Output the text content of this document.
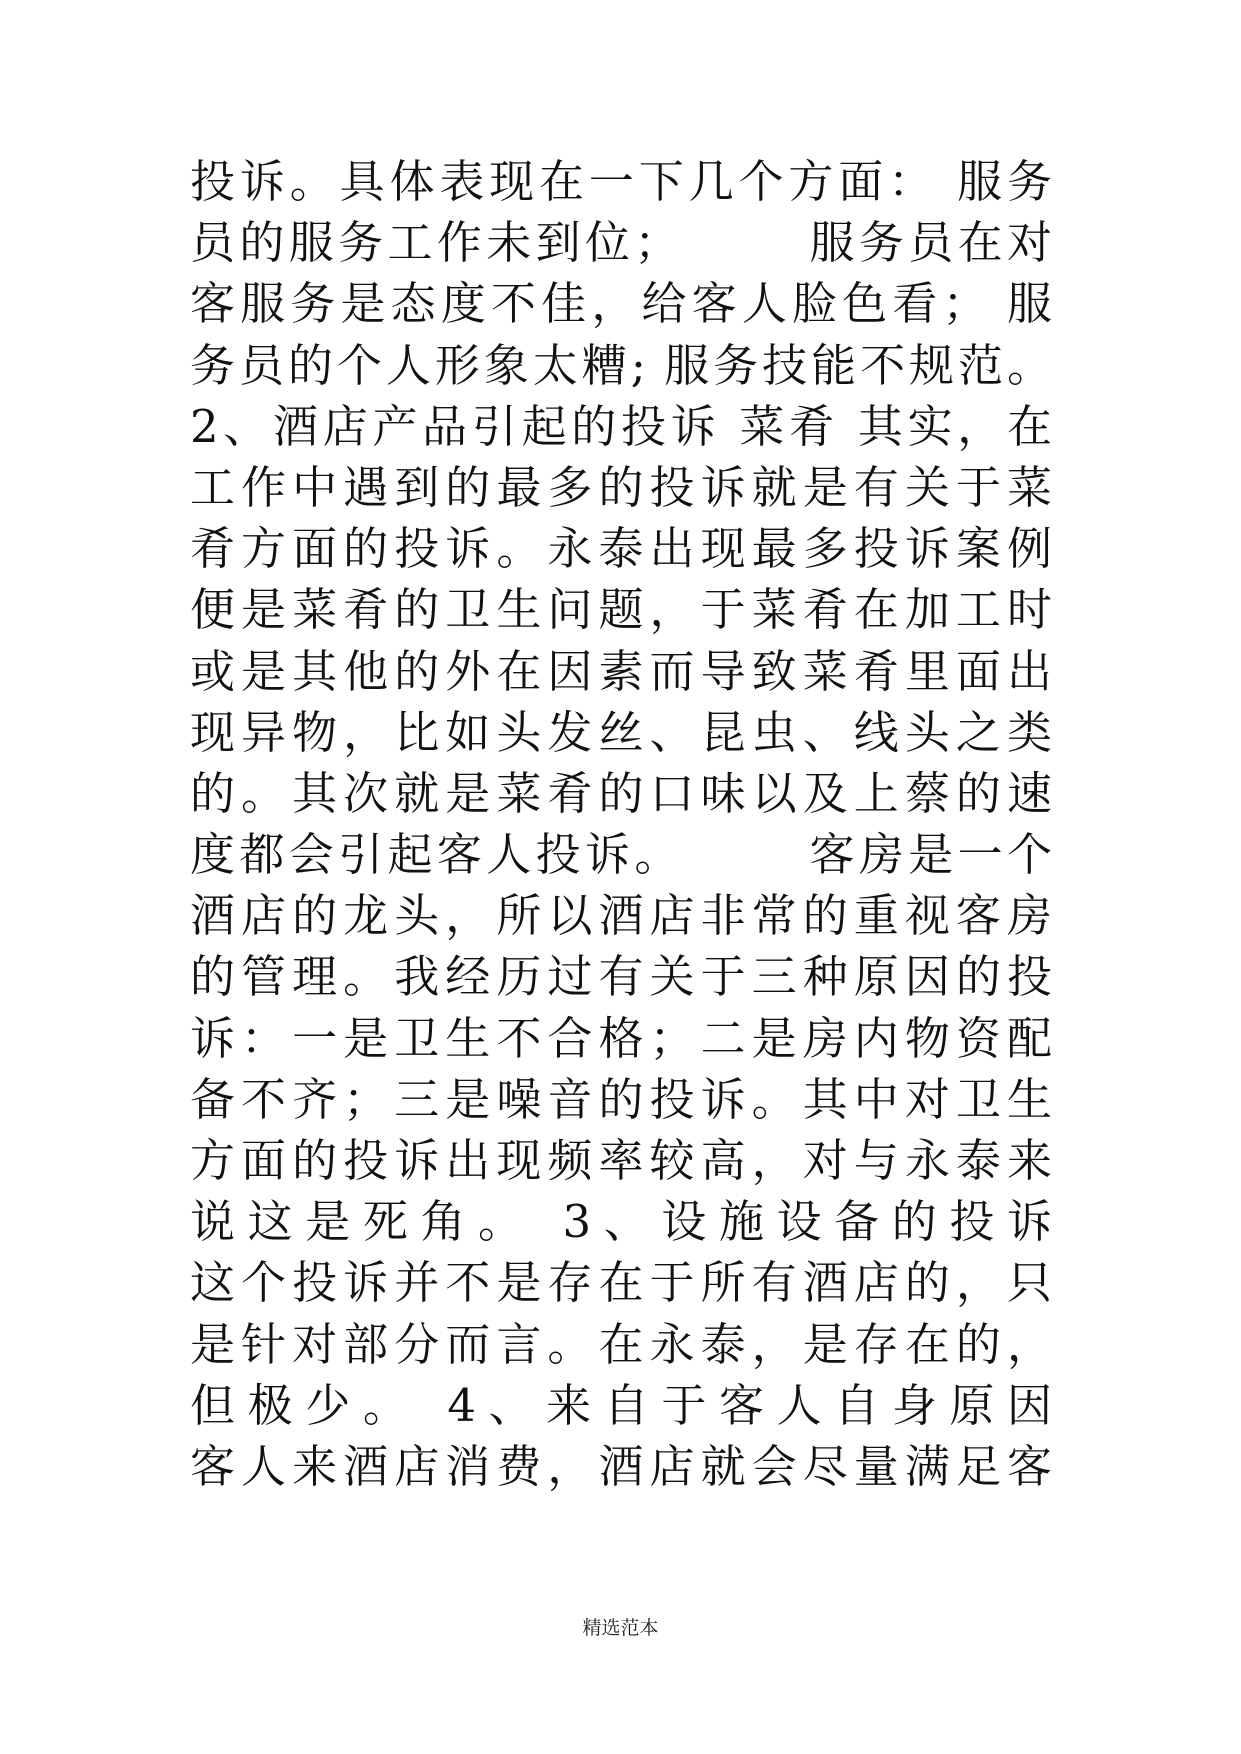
投诉。具体表现在一下几个方面： 服务
员的服务工作未到位；　　　服务员在对
客服务是态度不佳，给客人脸色看； 服
务员的个人形象太糟; 服务技能不规范。
2、酒店产品引起的投诉 菜肴 其实，在
工作中遇到的最多的投诉就是有关于菜
肴方面的投诉。永泰出现最多投诉案例
便是菜肴的卫生问题，于菜肴在加工时
或是其他的外在因素而导致菜肴里面出
现异物，比如头发丝、昆虫、线头之类
的。其次就是菜肴的口味以及上蔡的速
度都会引起客人投诉。　　　客房是一个
酒店的龙头，所以酒店非常的重视客房
的管理。我经历过有关于三种原因的投
诉：一是卫生不合格；二是房内物资配
备不齐；三是噪音的投诉。其中对卫生
方面的投诉出现频率较高，对与永泰来
说这是死角。 3、设施设备的投诉
这个投诉并不是存在于所有酒店的，只
是针对部分而言。在永泰，是存在的，
但极少。 4、来自于客人自身原因
客人来酒店消费，酒店就会尽量满足客
精选范本
